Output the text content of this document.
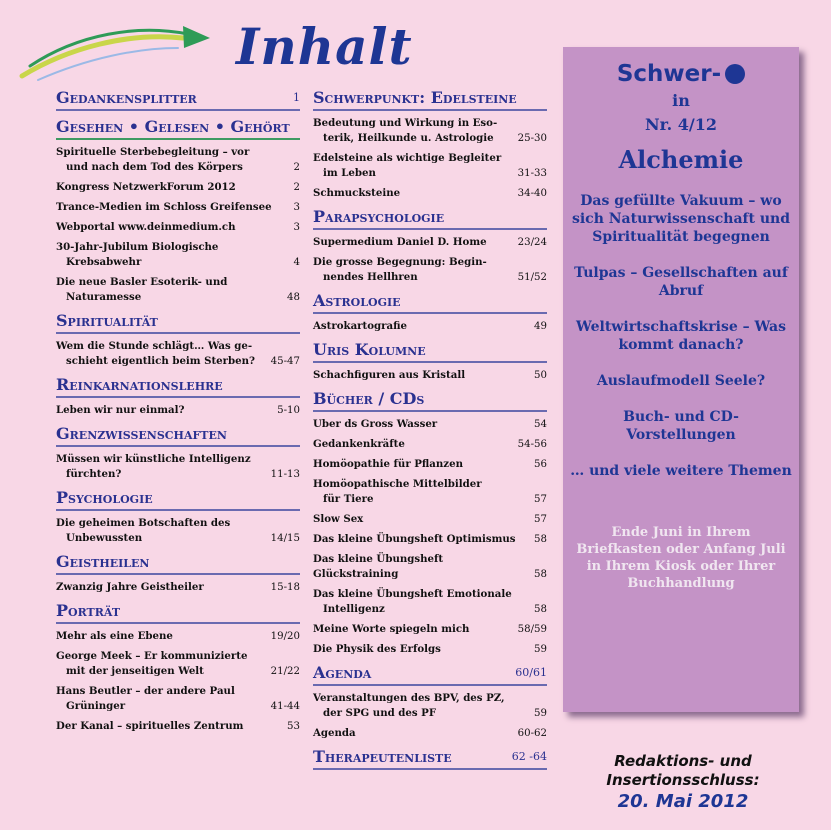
Inhalt
Gedankensplitter	1
Gesehen • Gelesen • Gehört
Spirituelle Sterbebegleitung – vor
und nach dem Tod des Körpers	2
Kongress NetzwerkForum 2012	2
Trance-Medien im Schloss Greifensee	3
Webportal www.deinmedium.ch	3
30-Jahr-Jubilum Biologische
Krebsabwehr	4
Die neue Basler Esoterik- und
Naturamesse	48
Spiritualität
Wem die Stunde schlägt… Was ge-
schieht eigentlich beim Sterben?	45-47
Reinkarnationslehre
Leben wir nur einmal?	5-10
Grenzwissenschaften
Müssen wir künstliche Intelligenz
fürchten?	11-13
Psychologie
Die geheimen Botschaften des
Unbewussten	14/15
Geistheilen
Zwanzig Jahre Geistheiler	15-18
Porträt
Mehr als eine Ebene	19/20
George Meek – Er kommunizierte
mit der jenseitigen Welt	21/22
Hans Beutler – der andere Paul
Grüninger	41-44
Der Kanal – spirituelles Zentrum	53
Schwerpunkt: Edelsteine
Bedeutung und Wirkung in Eso-
terik, Heilkunde u. Astrologie	25-30
Edelsteine als wichtige Begleiter
im Leben	31-33
Schmucksteine	34-40
Parapsychologie
Supermedium Daniel D. Home	23/24
Die grosse Begegnung: Begin-
nendes Hellhren	51/52
Astrologie
Astrokartografie	49
Uris Kolumne
Schachfiguren aus Kristall	50
Bücher / CDs
Uber ds Gross Wasser	54
Gedankenkräfte	54-56
Homöopathie für Pflanzen	56
Homöopathische Mittelbilder
für Tiere	57
Slow Sex	57
Das kleine Übungsheft Optimismus	58
Das kleine Übungsheft Glückstraining	58
Das kleine Übungsheft Emotionale
Intelligenz	58
Meine Worte spiegeln mich	58/59
Die Physik des Erfolgs	59
Agenda	60/61
Veranstaltungen des BPV, des PZ,
der SPG und des PF	59
Agenda	60-62
Therapeutenliste	62 -64
Schwer-
in
Nr. 4/12
Alchemie
Das gefüllte Vakuum – wo sich Naturwissenschaft und Spiritualität begegnen
Tulpas – Gesellschaften auf Abruf
Weltwirtschaftskrise – Was kommt danach?
Auslaufmodell Seele?
Buch- und CD-Vorstellungen
… und viele weitere Themen
Ende Juni in Ihrem Briefkasten oder Anfang Juli in Ihrem Kiosk oder Ihrer Buchhandlung
Redaktions- und
Insertionsschluss:
20. Mai 2012
